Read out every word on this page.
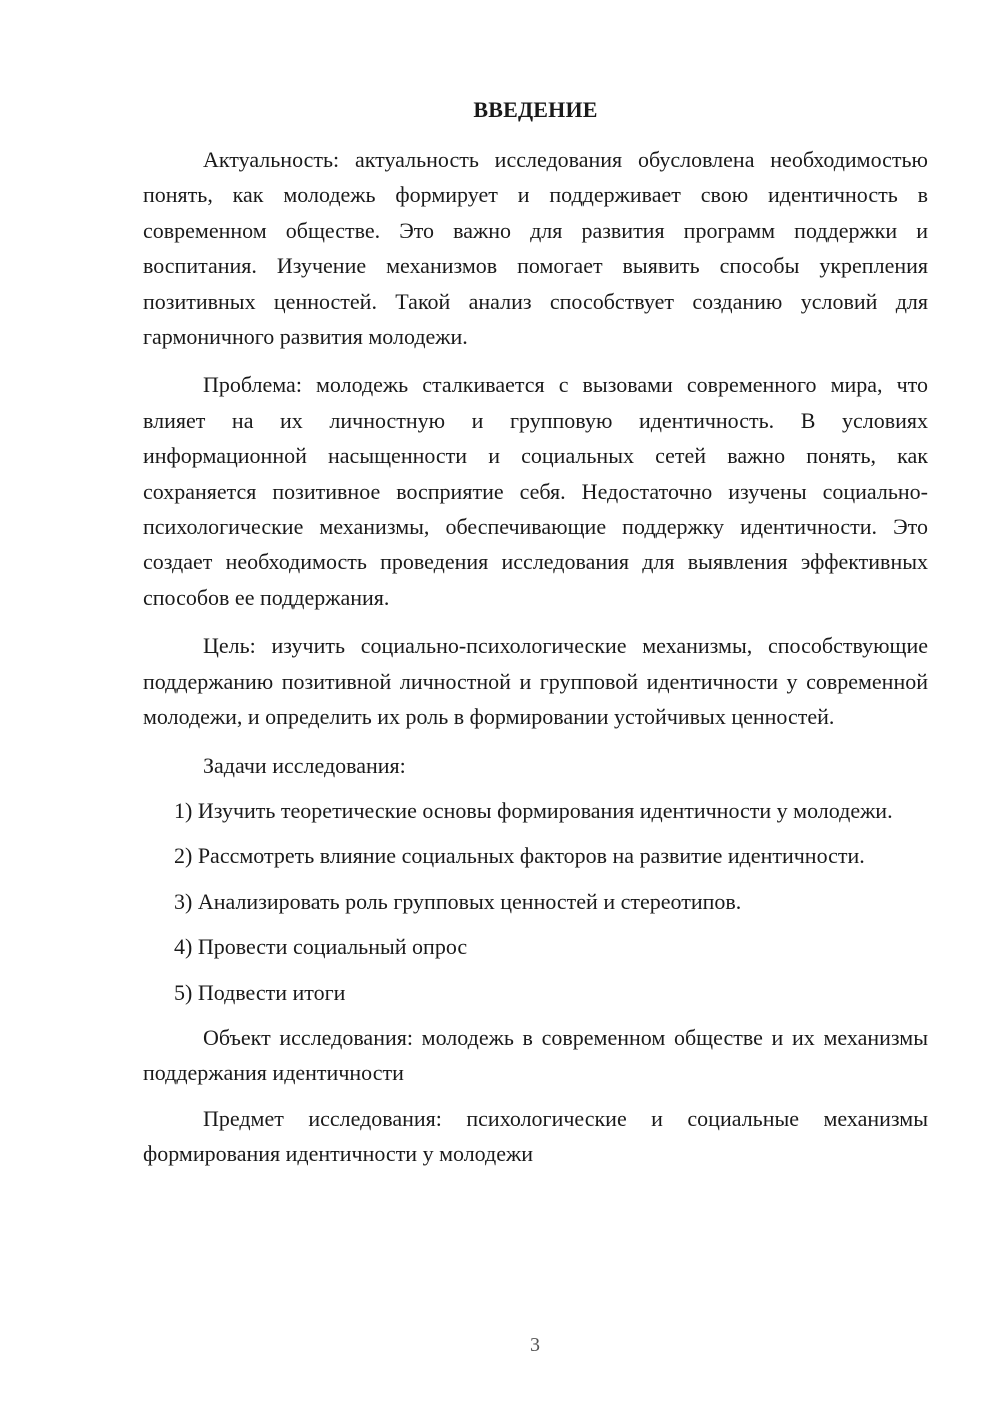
ВВЕДЕНИЕ

Актуальность: актуальность исследования обусловлена необходимостью понять, как молодежь формирует и поддерживает свою идентичность в современном обществе. Это важно для развития программ поддержки и воспитания. Изучение механизмов помогает выявить способы укрепления позитивных ценностей. Такой анализ способствует созданию условий для гармоничного развития молодежи.

Проблема: молодежь сталкивается с вызовами современного мира, что влияет на их личностную и групповую идентичность. В условиях информационной насыщенности и социальных сетей важно понять, как сохраняется позитивное восприятие себя. Недостаточно изучены социально-психологические механизмы, обеспечивающие поддержку идентичности. Это создает необходимость проведения исследования для выявления эффективных способов ее поддержания.

Цель: изучить социально-психологические механизмы, способствующие поддержанию позитивной личностной и групповой идентичности у современной молодежи, и определить их роль в формировании устойчивых ценностей.

Задачи исследования:

1) Изучить теоретические основы формирования идентичности у молодежи.

2) Рассмотреть влияние социальных факторов на развитие идентичности.

3) Анализировать роль групповых ценностей и стереотипов.

4) Провести социальный опрос

5) Подвести итоги

Объект исследования: молодежь в современном обществе и их механизмы поддержания идентичности

Предмет исследования: психологические и социальные механизмы формирования идентичности у молодежи

3
